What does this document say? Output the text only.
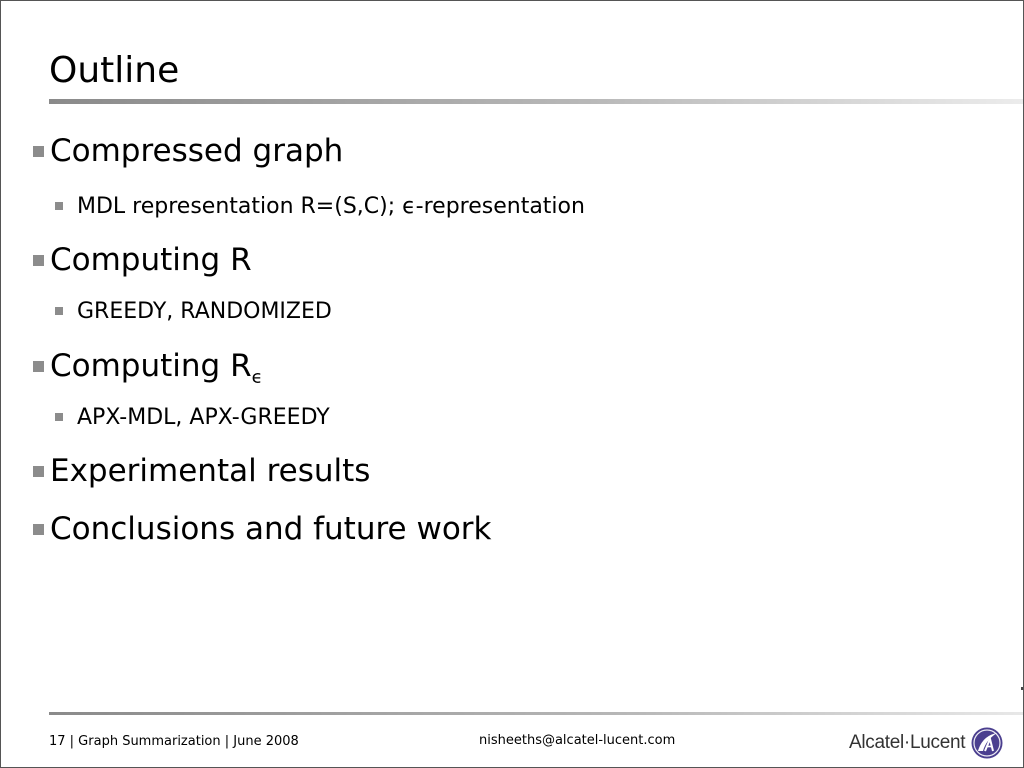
Outline
Compressed graph
MDL representation R=(S,C); ϵ-representation
Computing R
GREEDY, RANDOMIZED
Computing $R_\epsilon$
APX-MDL, APX-GREEDY
Experimental results
Conclusions and future work
17 | Graph Summarization | June 2008	nisheeths@alcatel-lucent.com	Alcatel·Lucent
